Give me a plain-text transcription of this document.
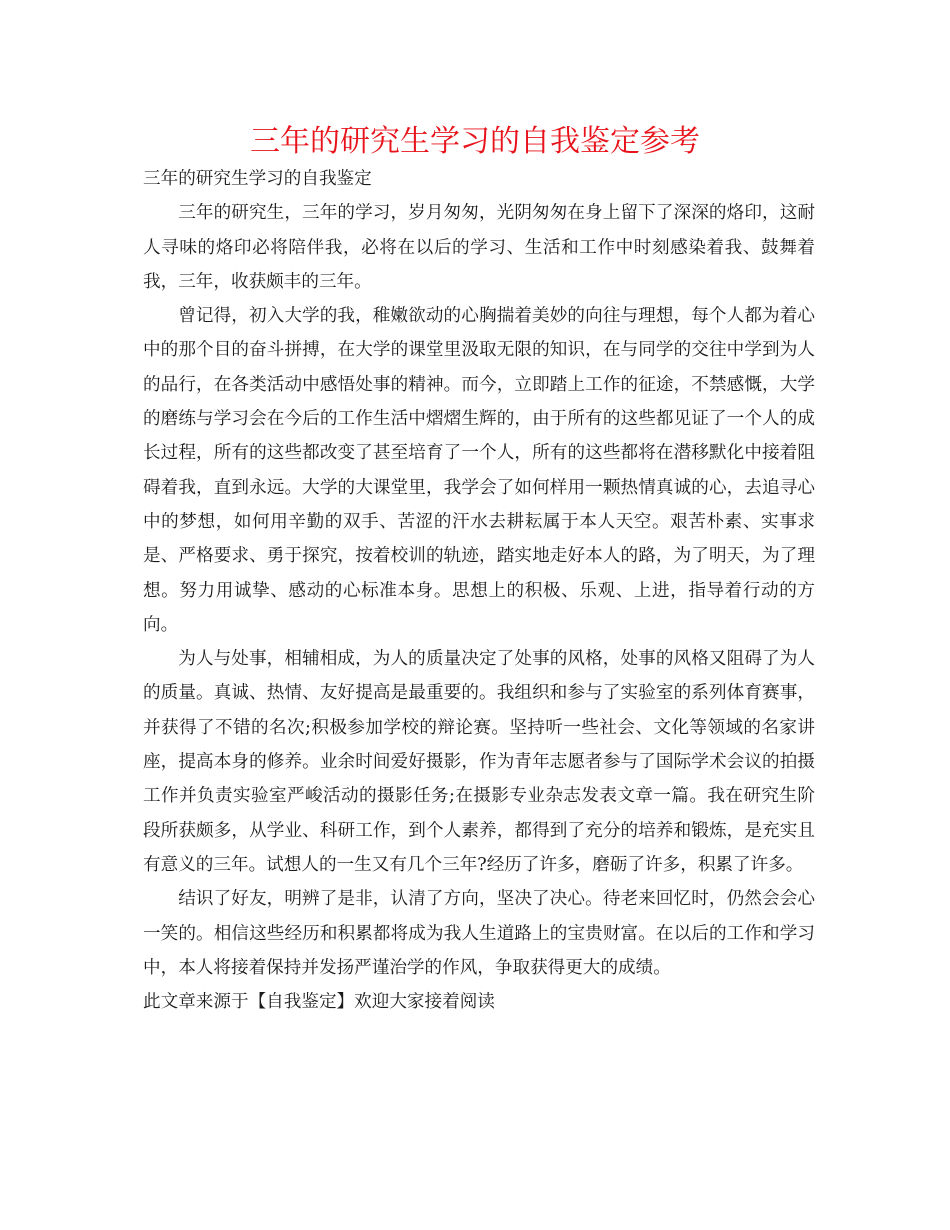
三年的研究生学习的自我鉴定参考

三年的研究生学习的自我鉴定

三年的研究生，三年的学习，岁月匆匆，光阴匆匆在身上留下了深深的烙印，这耐人寻味的烙印必将陪伴我，必将在以后的学习、生活和工作中时刻感染着我、鼓舞着我，三年，收获颇丰的三年。

曾记得，初入大学的我，稚嫩欲动的心胸揣着美妙的向往与理想，每个人都为着心中的那个目的奋斗拼搏，在大学的课堂里汲取无限的知识，在与同学的交往中学到为人的品行，在各类活动中感悟处事的精神。而今，立即踏上工作的征途，不禁感慨，大学的磨练与学习会在今后的工作生活中熠熠生辉的，由于所有的这些都见证了一个人的成长过程，所有的这些都改变了甚至培育了一个人，所有的这些都将在潜移默化中接着阻碍着我，直到永远。大学的大课堂里，我学会了如何样用一颗热情真诚的心，去追寻心中的梦想，如何用辛勤的双手、苦涩的汗水去耕耘属于本人天空。艰苦朴素、实事求是、严格要求、勇于探究，按着校训的轨迹，踏实地走好本人的路，为了明天，为了理想。努力用诚挚、感动的心标准本身。思想上的积极、乐观、上进，指导着行动的方向。

为人与处事，相辅相成，为人的质量决定了处事的风格，处事的风格又阻碍了为人的质量。真诚、热情、友好提高是最重要的。我组织和参与了实验室的系列体育赛事，并获得了不错的名次;积极参加学校的辩论赛。坚持听一些社会、文化等领域的名家讲座，提高本身的修养。业余时间爱好摄影，作为青年志愿者参与了国际学术会议的拍摄工作并负责实验室严峻活动的摄影任务;在摄影专业杂志发表文章一篇。我在研究生阶段所获颇多，从学业、科研工作，到个人素养，都得到了充分的培养和锻炼，是充实且有意义的三年。试想人的一生又有几个三年?经历了许多，磨砺了许多，积累了许多。

结识了好友，明辨了是非，认清了方向，坚决了决心。待老来回忆时，仍然会会心一笑的。相信这些经历和积累都将成为我人生道路上的宝贵财富。在以后的工作和学习中，本人将接着保持并发扬严谨治学的作风，争取获得更大的成绩。

此文章来源于【自我鉴定】欢迎大家接着阅读
